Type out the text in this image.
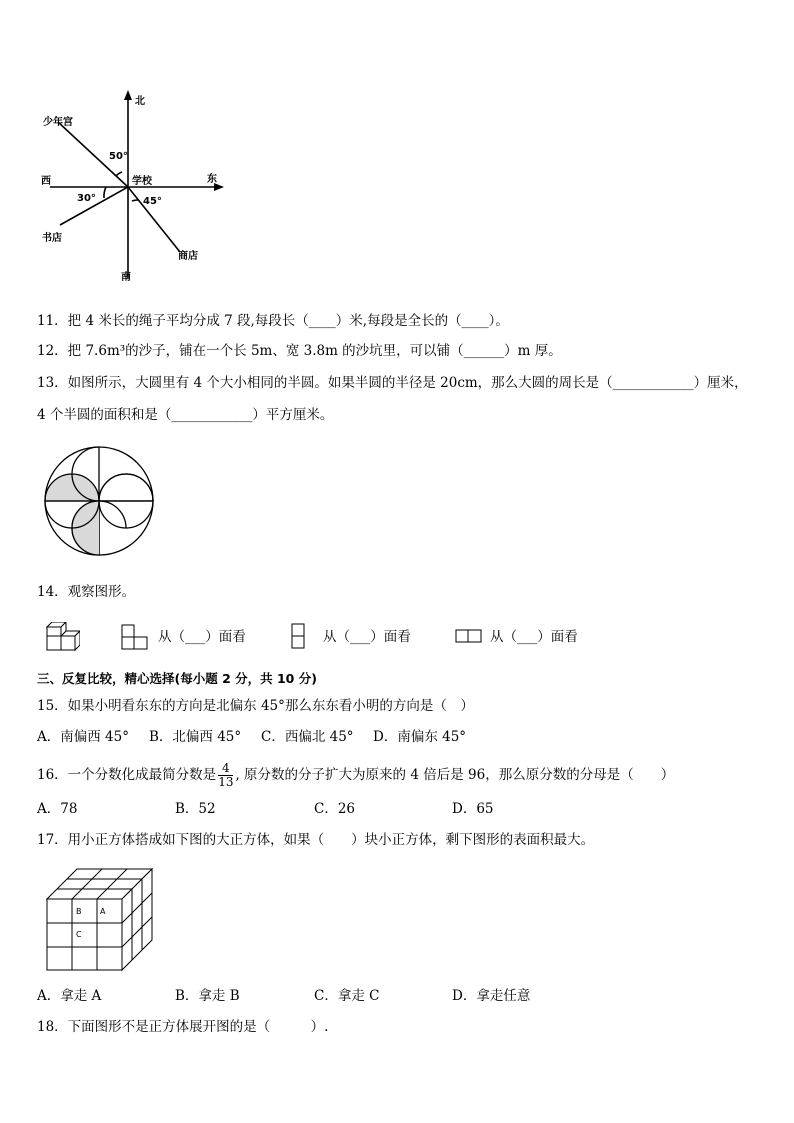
北
南
东
西	学校
少年宫
书店
商店
50°
30°	45°
11．把 4 米长的绳子平均分成 7 段,每段长（____）米,每段是全长的（____）。
12．把 7.6m³的沙子，铺在一个长 5m、宽 3.8m 的沙坑里，可以铺（______）m 厚。
13．如图所示，大圆里有 4 个大小相同的半圆。如果半圆的半径是 20cm，那么大圆的周长是（____________）厘米，
4 个半圆的面积和是（____________）平方厘米。
14．观察图形。
从（___）面看	从（___）面看	从（___）面看
三、反复比较，精心选择(每小题 2 分，共 10 分)
15．如果小明看东东的方向是北偏东 45°那么东东看小明的方向是（　）
A．南偏西 45° B．北偏西 45° C．西偏北 45° D．南偏东 45°
16．一个分数化成最简分数是 $\frac{4}{13}$ , 原分数的分子扩大为原来的 4 倍后是 96，那么原分数的分母是（　　）
A．78	B．52	C．26	D．65
17．用小正方体搭成如下图的大正方体，如果（　　）块小正方体，剩下图形的表面积最大。
B A
C
A．拿走 A	B．拿走 B	C．拿走 C	D．拿走任意
18．下面图形不是正方体展开图的是（　　　）.
